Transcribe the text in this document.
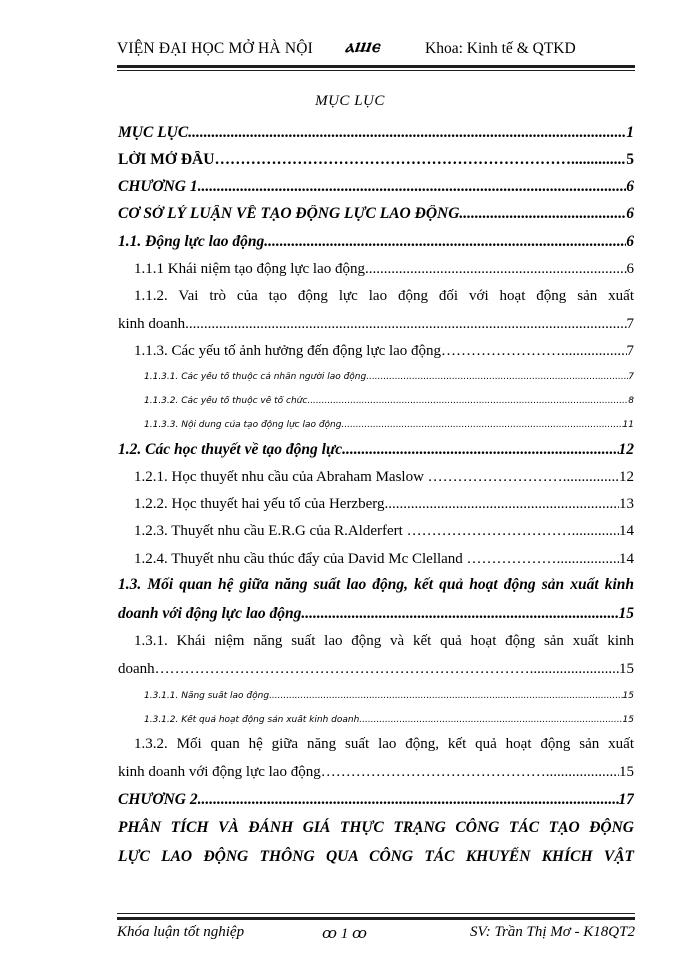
VIỆN ĐẠI HỌC MỞ HÀ NỘI ⲁⴍⲉ	Khoa: Kinh tế & QTKD
MỤC LỤC
MỤC LỤC .....	1
LỜI MỞ ĐẦU…………………………………………………………….. .....	5
CHƯƠNG 1 .....	6
CƠ SỞ LÝ LUẬN VỀ TẠO ĐỘNG LỰC LAO ĐỘNG .....	6
1.1. Động lực lao động .....	6
1.1.1 Khái niệm tạo động lực lao động .....	6
1.1.2. Vai trò của tạo động lực lao động đối với hoạt động sản xuất
kinh doanh .....	7
1.1.3. Các yếu tố ảnh hưởng đến động lực lao động……………………. .....	7
1.1.3.1. Các yếu tố thuộc cá nhân người lao động .....	7
1.1.3.2. Các yếu tố thuộc về tổ chức .....	8
1.1.3.3. Nội dung của tạo động lực lao động .....	11
1.2. Các học thuyết về tạo động lực .....	12
1.2.1. Học thuyết nhu cầu của Abraham Maslow ……………………… .....	12
1.2.2. Học thuyết hai yếu tố của Herzberg .....	13
1.2.3. Thuyết nhu cầu E.R.G của R.Alderfert …………………………… .....	14
1.2.4. Thuyết nhu cầu thúc đẩy của David Mc Clelland ……………… .....	14
1.3. Mối quan hệ giữa năng suất lao động, kết quả hoạt động sản xuất kinh
doanh với động lực lao động .....	15
1.3.1. Khái niệm năng suất lao động và kết quả hoạt động sản xuất kinh
doanh…………………………………………………………………. .....	15
1.3.1.1. Năng suất lao động .....	15
1.3.1.2. Kết quả hoạt động sản xuất kinh doanh .....	15
1.3.2. Mối quan hệ giữa năng suất lao động, kết quả hoạt động sản xuất
kinh doanh với động lực lao động……………………………………….. .....	15
CHƯƠNG 2 .....	17
PHÂN TÍCH VÀ ĐÁNH GIÁ THỰC TRẠNG CÔNG TÁC TẠO ĐỘNG
LỰC LAO ĐỘNG THÔNG QUA CÔNG TÁC KHUYẾN KHÍCH VẬT
Khóa luận tốt nghiệp	ꝏ 1 ꝏ	SV: Trần Thị Mơ - K18QT2
